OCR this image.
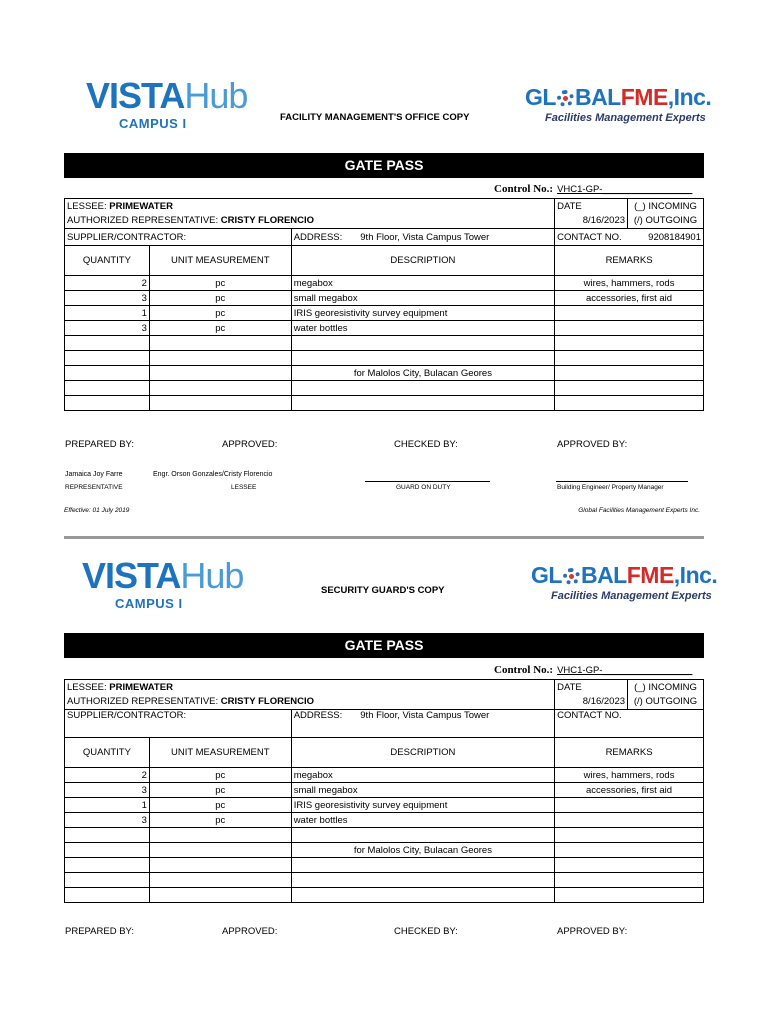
VISTAHub
CAMPUS I	FACILITY MANAGEMENT'S OFFICE COPY
GL BALFME,Inc.
Facilities Management Experts
GATE PASS
Control No.: VHC1-GP-_________________
LESSEE: PRIMEWATER			DATE	(_) INCOMING
AUTHORIZED REPRESENTATIVE: CRISTY FLORENCIO			8/16/2023	(/) OUTGOING
SUPPLIER/CONTRACTOR:		ADDRESS: 9th Floor, Vista Campus Tower	CONTACT NO.	9208184901
QUANTITY	UNIT MEASUREMENT	DESCRIPTION	REMARKS	
2	pc	megabox	wires, hammers, rods	
3	pc	small megabox	accessories, first aid	
1	pc	IRIS georesistivity survey equipment		
3	pc	water bottles		

		for Malolos City, Bulacan Geores		

PREPARED BY:	APPROVED:	CHECKED BY:	APPROVED BY:
Jamaica Joy Farre	Engr. Orson Gonzales/Cristy Florencio
REPRESENTATIVE	LESSEE	GUARD ON DUTY	Building Engineer/ Property Manager
Effective: 01 July 2019	Global Facilities Management Experts Inc.
VISTAHub
CAMPUS I
SECURITY GUARD'S COPY
GL BALFME,Inc.
Facilities Management Experts
GATE PASS
Control No.: VHC1-GP-_________________
LESSEE: PRIMEWATER			DATE	(_) INCOMING
AUTHORIZED REPRESENTATIVE: CRISTY FLORENCIO			8/16/2023	(/) OUTGOING
SUPPLIER/CONTRACTOR:		ADDRESS: 9th Floor, Vista Campus Tower	CONTACT NO.	
QUANTITY	UNIT MEASUREMENT	DESCRIPTION	REMARKS	
2	pc	megabox	wires, hammers, rods	
3	pc	small megabox	accessories, first aid	
1	pc	IRIS georesistivity survey equipment		
3	pc	water bottles		

		for Malolos City, Bulacan Geores		

PREPARED BY:	APPROVED:	CHECKED BY:	APPROVED BY:
